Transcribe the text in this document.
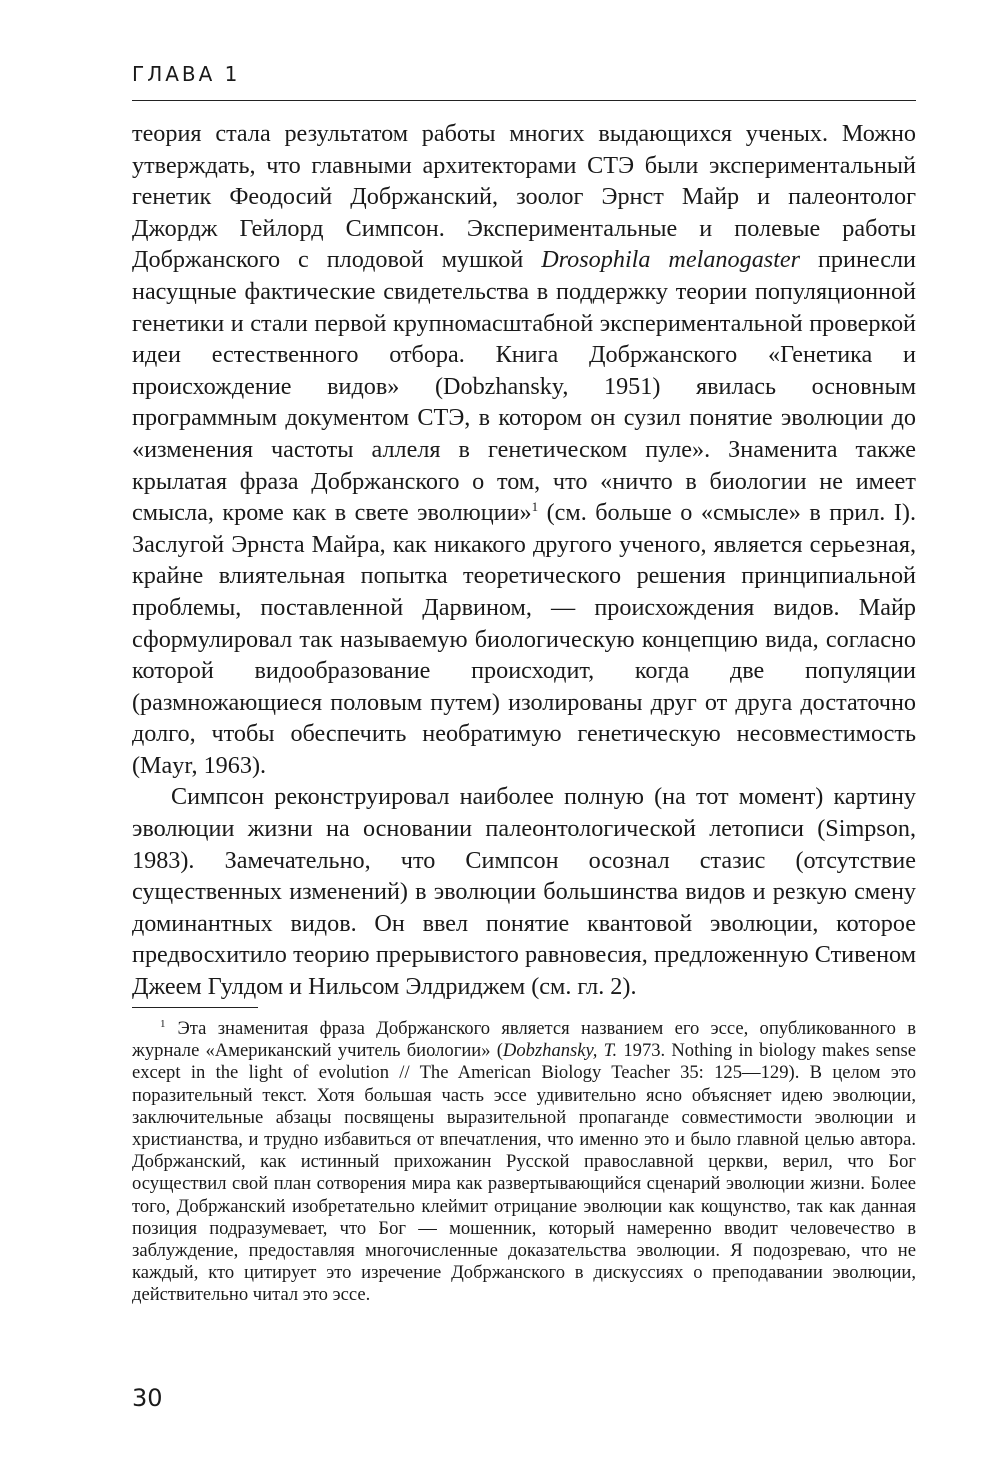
ГЛАВА 1

теория стала результатом работы многих выдающихся ученых. Можно утверждать, что главными архитекторами СТЭ были экспериментальный генетик Феодосий Добржанский, зоолог Эрнст Майр и палеонтолог Джордж Гейлорд Симпсон. Экспериментальные и полевые работы Добржанского с плодовой мушкой Drosophila melanogaster принесли насущные фактические свидетельства в поддержку теории популяционной генетики и стали первой крупномасштабной экспериментальной проверкой идеи естественного отбора. Книга Добржанского «Генетика и происхождение видов» (Dobzhansky, 1951) явилась основным программным документом СТЭ, в котором он сузил понятие эволюции до «изменения частоты аллеля в генетическом пуле». Знаменита также крылатая фраза Добржанского о том, что «ничто в биологии не имеет смысла, кроме как в свете эволюции»$^1$ (см. больше о «смысле» в прил. I). Заслугой Эрнста Майра, как никакого другого ученого, является серьезная, крайне влиятельная попытка теоретического решения принципиальной проблемы, поставленной Дарвином, — происхождения видов. Майр сформулировал так называемую биологическую концепцию вида, согласно которой видообразование происходит, когда две популяции (размножающиеся половым путем) изолированы друг от друга достаточно долго, чтобы обеспечить необратимую генетическую несовместимость (Mayr, 1963).

Симпсон реконструировал наиболее полную (на тот момент) картину эволюции жизни на основании палеонтологической летописи (Simpson, 1983). Замечательно, что Симпсон осознал стазис (отсутствие существенных изменений) в эволюции большинства видов и резкую смену доминантных видов. Он ввел понятие квантовой эволюции, которое предвосхитило теорию прерывистого равновесия, предложенную Стивеном Джеем Гулдом и Нильсом Элдриджем (см. гл. 2).

$^1$ Эта знаменитая фраза Добржанского является названием его эссе, опубликованного в журнале «Американский учитель биологии» (Dobzhansky, T. 1973. Nothing in biology makes sense except in the light of evolution // The American Biology Teacher 35: 125—129). В целом это поразительный текст. Хотя большая часть эссе удивительно ясно объясняет идею эволюции, заключительные абзацы посвящены выразительной пропаганде совместимости эволюции и христианства, и трудно избавиться от впечатления, что именно это и было главной целью автора. Добржанский, как истинный прихожанин Русской православной церкви, верил, что Бог осуществил свой план сотворения мира как развертывающийся сценарий эволюции жизни. Более того, Добржанский изобретательно клеймит отрицание эволюции как кощунство, так как данная позиция подразумевает, что Бог — мошенник, который намеренно вводит человечество в заблуждение, предоставляя многочисленные доказательства эволюции. Я подозреваю, что не каждый, кто цитирует это изречение Добржанского в дискуссиях о преподавании эволюции, действительно читал это эссе.

30
